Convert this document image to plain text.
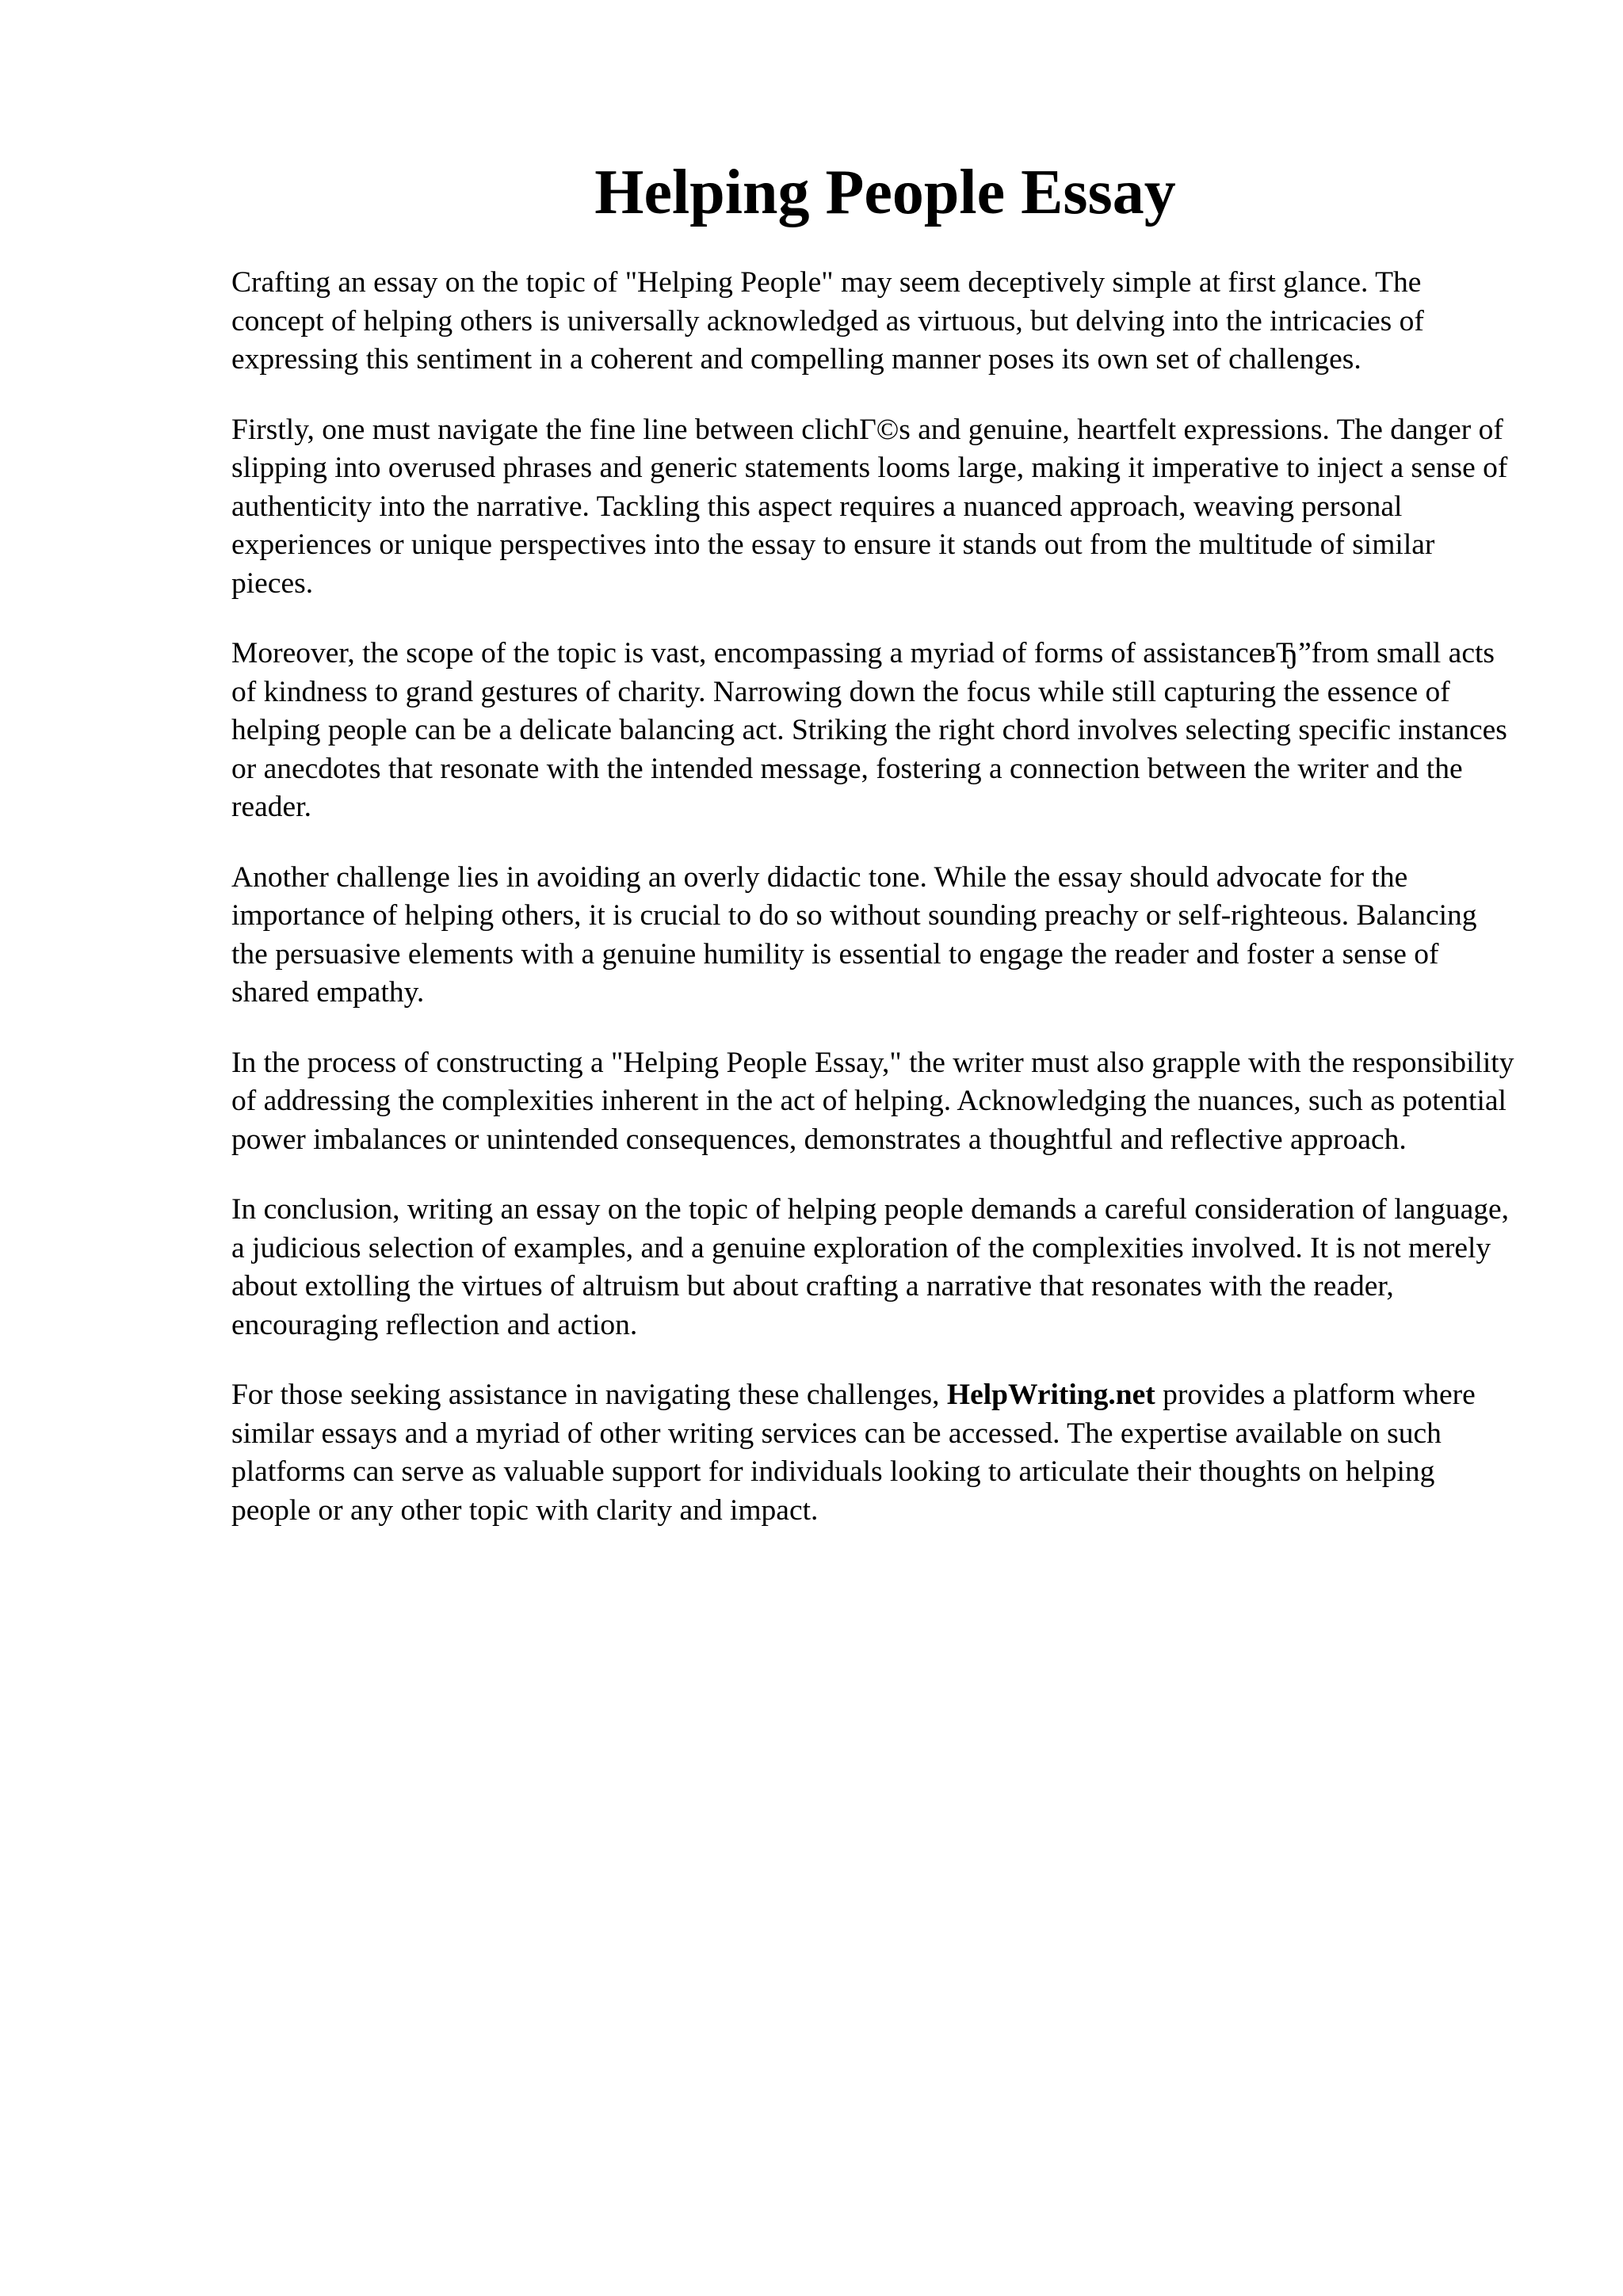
Helping People Essay

Crafting an essay on the topic of "Helping People" may seem deceptively simple at first glance. The concept of helping others is universally acknowledged as virtuous, but delving into the intricacies of expressing this sentiment in a coherent and compelling manner poses its own set of challenges.

Firstly, one must navigate the fine line between clichГ©s and genuine, heartfelt expressions. The danger of slipping into overused phrases and generic statements looms large, making it imperative to inject a sense of authenticity into the narrative. Tackling this aspect requires a nuanced approach, weaving personal experiences or unique perspectives into the essay to ensure it stands out from the multitude of similar pieces.

Moreover, the scope of the topic is vast, encompassing a myriad of forms of assistanceвЂ”from small acts of kindness to grand gestures of charity. Narrowing down the focus while still capturing the essence of helping people can be a delicate balancing act. Striking the right chord involves selecting specific instances or anecdotes that resonate with the intended message, fostering a connection between the writer and the reader.

Another challenge lies in avoiding an overly didactic tone. While the essay should advocate for the importance of helping others, it is crucial to do so without sounding preachy or self-righteous. Balancing the persuasive elements with a genuine humility is essential to engage the reader and foster a sense of shared empathy.

In the process of constructing a "Helping People Essay," the writer must also grapple with the responsibility of addressing the complexities inherent in the act of helping. Acknowledging the nuances, such as potential power imbalances or unintended consequences, demonstrates a thoughtful and reflective approach.

In conclusion, writing an essay on the topic of helping people demands a careful consideration of language, a judicious selection of examples, and a genuine exploration of the complexities involved. It is not merely about extolling the virtues of altruism but about crafting a narrative that resonates with the reader, encouraging reflection and action.

For those seeking assistance in navigating these challenges, HelpWriting.net provides a platform where similar essays and a myriad of other writing services can be accessed. The expertise available on such platforms can serve as valuable support for individuals looking to articulate their thoughts on helping people or any other topic with clarity and impact.
